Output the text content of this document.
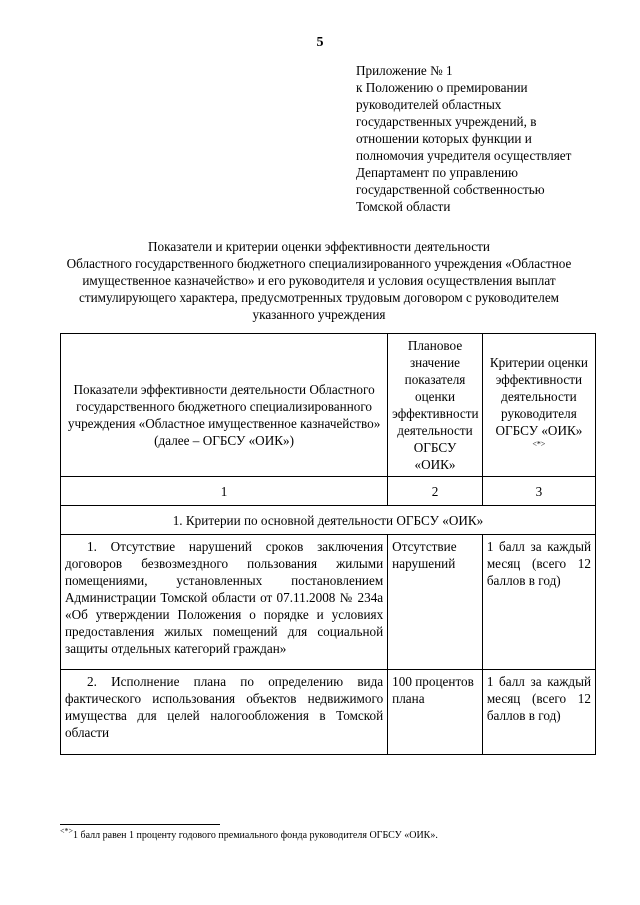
5
Приложение № 1
к Положению о премировании
руководителей областных
государственных учреждений, в
отношении которых функции и
полномочия учредителя осуществляет
Департамент по управлению
государственной собственностью
Томской области
Показатели и критерии оценки эффективности деятельности
Областного государственного бюджетного специализированного учреждения «Областное
имущественное казначейство» и его руководителя и условия осуществления выплат
стимулирующего характера, предусмотренных трудовым договором с руководителем
указанного учреждения
Показатели эффективности деятельности Областного государственного бюджетного специализированного учреждения «Областное имущественное казначейство» (далее – ОГБСУ «ОИК»)	Плановое значение показателя оценки эффективности деятельности ОГБСУ «ОИК»	Критерии оценки эффективности деятельности руководителя ОГБСУ «ОИК»
<*>
1	2	3
1. Критерии по основной деятельности ОГБСУ «ОИК»		
1. Отсутствие нарушений сроков заключения договоров безвозмездного пользования жилыми помещениями, установленных постановлением Администрации Томской области от 07.11.2008 № 234а «Об утверждении Положения о порядке и условиях предоставления жилых помещений для социальной защиты отдельных категорий граждан»	Отсутствие нарушений	1 балл за каждый месяц (всего 12 баллов в год)
2. Исполнение плана по определению вида фактического использования объектов недвижимого имущества для целей налогообложения в Томской области	100 процентов плана	1 балл за каждый месяц (всего 12 баллов в год)
<*>1 балл равен 1 проценту годового премиального фонда руководителя ОГБСУ «ОИК».
